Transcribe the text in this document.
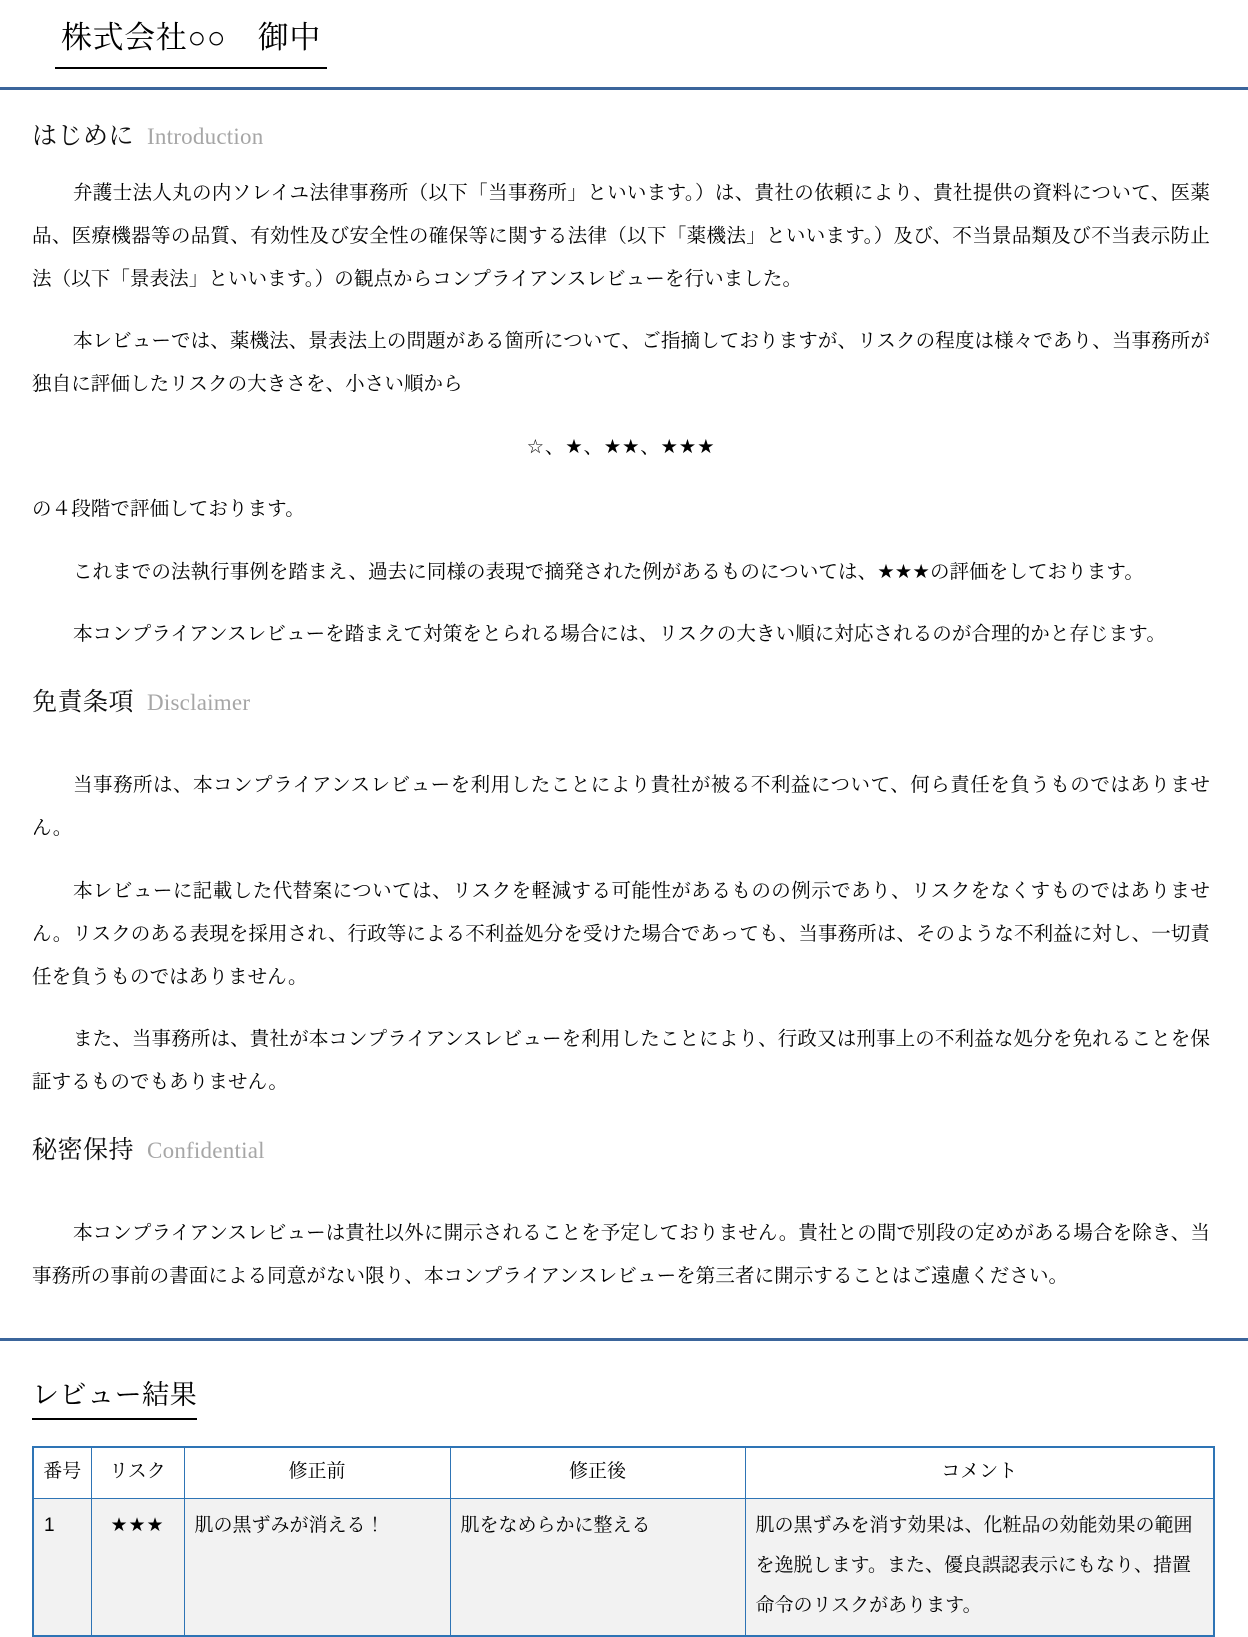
株式会社○○　御中
はじめに Introduction

弁護士法人丸の内ソレイユ法律事務所（以下「当事務所」といいます。）は、貴社の依頼により、貴社提供の資料について、医薬品、医療機器等の品質、有効性及び安全性の確保等に関する法律（以下「薬機法」といいます。）及び、不当景品類及び不当表示防止法（以下「景表法」といいます。）の観点からコンプライアンスレビューを行いました。

本レビューでは、薬機法、景表法上の問題がある箇所について、ご指摘しておりますが、リスクの程度は様々であり、当事務所が独自に評価したリスクの大きさを、小さい順から

☆、★、★★、★★★

の４段階で評価しております。

これまでの法執行事例を踏まえ、過去に同様の表現で摘発された例があるものについては、★★★の評価をしております。

本コンプライアンスレビューを踏まえて対策をとられる場合には、リスクの大きい順に対応されるのが合理的かと存じます。

免責条項 Disclaimer

当事務所は、本コンプライアンスレビューを利用したことにより貴社が被る不利益について、何ら責任を負うものではありません。

本レビューに記載した代替案については、リスクを軽減する可能性があるものの例示であり、リスクをなくすものではありません。リスクのある表現を採用され、行政等による不利益処分を受けた場合であっても、当事務所は、そのような不利益に対し、一切責任を負うものではありません。

また、当事務所は、貴社が本コンプライアンスレビューを利用したことにより、行政又は刑事上の不利益な処分を免れることを保証するものでもありません。

秘密保持 Confidential

本コンプライアンスレビューは貴社以外に開示されることを予定しておりません。貴社との間で別段の定めがある場合を除き、当事務所の事前の書面による同意がない限り、本コンプライアンスレビューを第三者に開示することはご遠慮ください。

レビュー結果
番号	リスク	修正前	修正後	コメント
1	★★★	肌の黒ずみが消える！	肌をなめらかに整える	肌の黒ずみを消す効果は、化粧品の効能効果の範囲を逸脱します。また、優良誤認表示にもなり、措置命令のリスクがあります。
